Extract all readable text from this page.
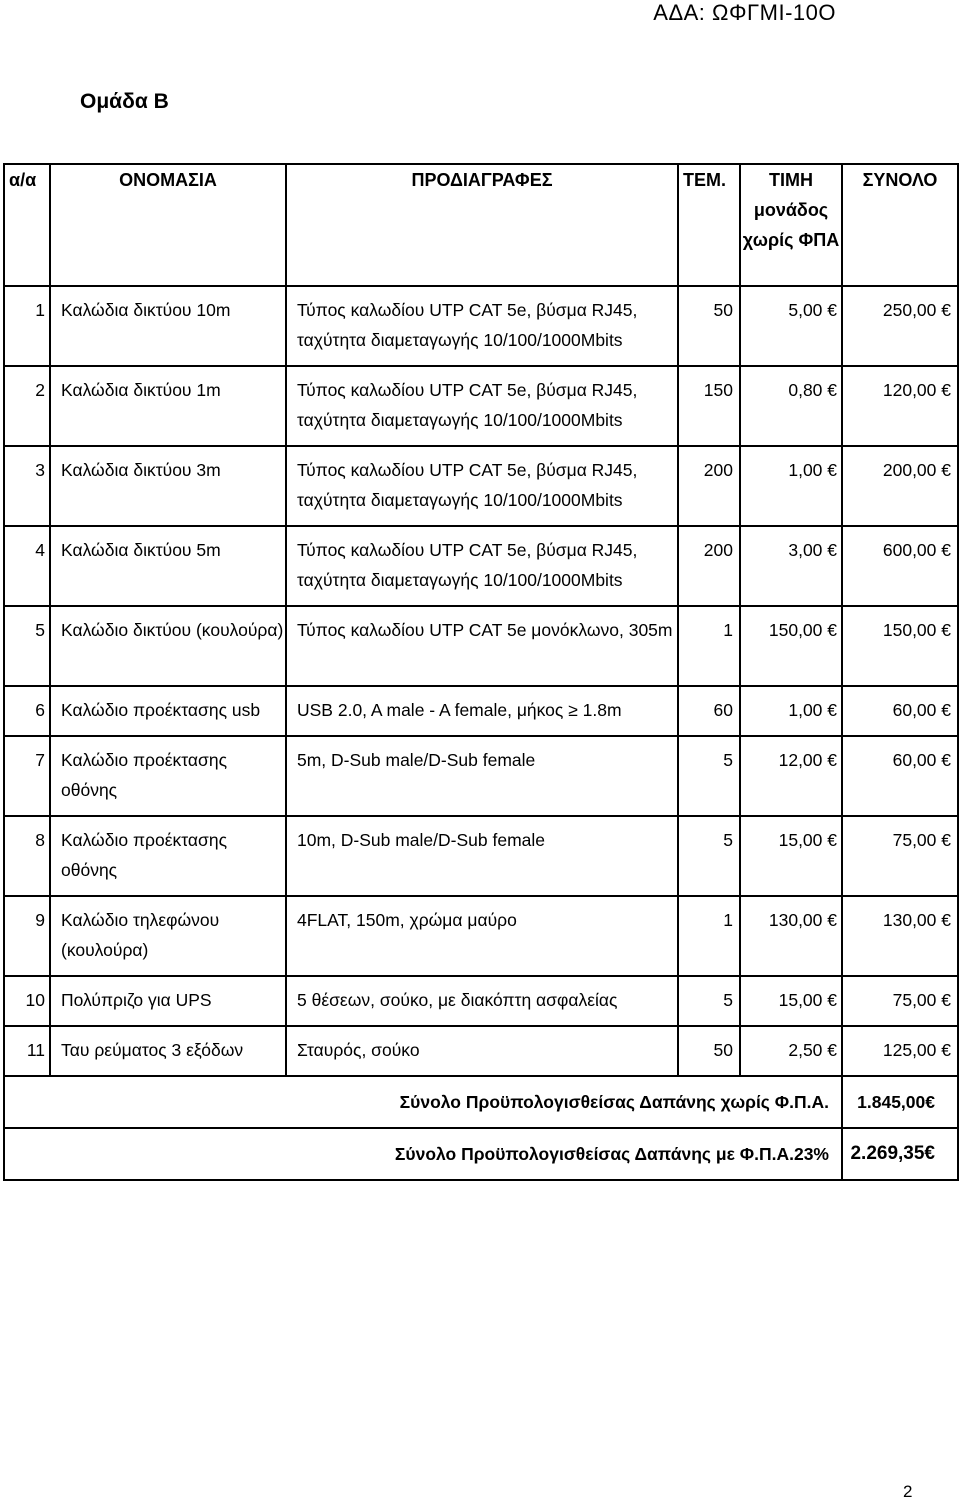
ΑΔΑ: ΩΦΓΜΙ-10Ο
Ομάδα Β
α/α	ΟΝΟΜΑΣΙΑ	ΠΡΟΔΙΑΓΡΑΦΕΣ	ΤΕΜ.	ΤΙΜΗ μονάδος χωρίς ΦΠΑ	ΣΥΝΟΛΟ
1	Καλώδια δικτύου 10m	Τύπος καλωδίου UTP CAT 5e, βύσμα RJ45, ταχύτητα διαμεταγωγής 10/100/1000Mbits	50	5,00 €	250,00 €
2	Καλώδια δικτύου 1m	Τύπος καλωδίου UTP CAT 5e, βύσμα RJ45, ταχύτητα διαμεταγωγής 10/100/1000Mbits	150	0,80 €	120,00 €
3	Καλώδια δικτύου 3m	Τύπος καλωδίου UTP CAT 5e, βύσμα RJ45, ταχύτητα διαμεταγωγής 10/100/1000Mbits	200	1,00 €	200,00 €
4	Καλώδια δικτύου 5m	Τύπος καλωδίου UTP CAT 5e, βύσμα RJ45, ταχύτητα διαμεταγωγής 10/100/1000Mbits	200	3,00 €	600,00 €
5	Καλώδιο δικτύου (κουλούρα)	Τύπος καλωδίου UTP CAT 5e μονόκλωνο, 305m	1	150,00 €	150,00 €
6	Καλώδιο προέκτασης usb	USB 2.0, A male - A female, μήκος ≥ 1.8m	60	1,00 €	60,00 €
7	Καλώδιο προέκτασης οθόνης	5m, D-Sub male/D-Sub female	5	12,00 €	60,00 €
8	Καλώδιο προέκτασης οθόνης	10m, D-Sub male/D-Sub female	5	15,00 €	75,00 €
9	Καλώδιο τηλεφώνου (κουλούρα)	4FLAT, 150m, χρώμα μαύρο	1	130,00 €	130,00 €
10	Πολύπριζο για UPS	5 θέσεων, σούκο, με διακόπτη ασφαλείας	5	15,00 €	75,00 €
11	Ταυ ρεύματος 3 εξόδων	Σταυρός, σούκο	50	2,50 €	125,00 €
Σύνολο Προϋπολογισθείσας Δαπάνης χωρίς Φ.Π.Α.					1.845,00€
Σύνολο Προϋπολογισθείσας Δαπάνης με Φ.Π.Α.23%					2.269,35€
2
